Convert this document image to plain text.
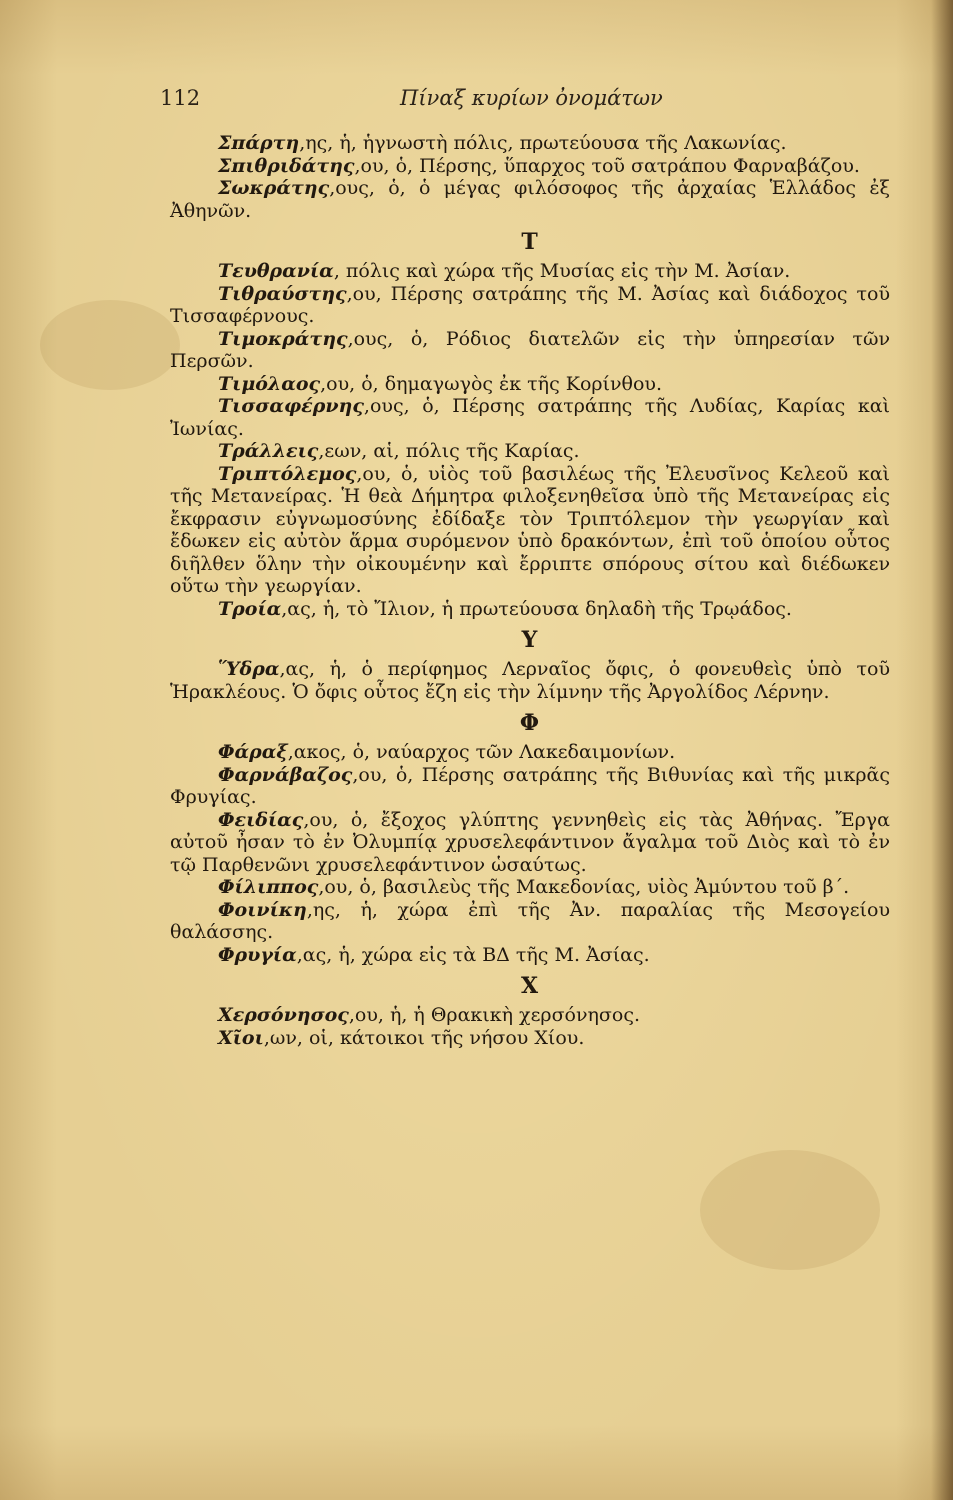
112	Πίναξ κυρίων ὀνομάτων

Σπάρτη,ης, ἡ, ἡγνωστὴ πόλις, πρωτεύουσα τῆς Λακωνίας.

Σπιθριδάτης,ου, ὁ, Πέρσης, ὕπαρχος τοῦ σατράπου Φαρναβάζου.

Σωκράτης,ους, ὁ, ὁ μέγας φιλόσοφος τῆς ἀρχαίας Ἑλλάδος ἐξ Ἀθηνῶν.

Τ

Τευθρανία, πόλις καὶ χώρα τῆς Μυσίας εἰς τὴν Μ. Ἀσίαν.

Τιθραύστης,ου, Πέρσης σατράπης τῆς Μ. Ἀσίας καὶ διάδοχος τοῦ Τισσαφέρνους.

Τιμοκράτης,ους, ὁ, Ρόδιος διατελῶν εἰς τὴν ὑπηρεσίαν τῶν Περσῶν.

Τιμόλαος,ου, ὁ, δημαγωγὸς ἐκ τῆς Κορίνθου.

Τισσαφέρνης,ους, ὁ, Πέρσης σατράπης τῆς Λυδίας, Καρίας καὶ Ἰωνίας.

Τράλλεις,εων, αἱ, πόλις τῆς Καρίας.

Τριπτόλεμος,ου, ὁ, υἱὸς τοῦ βασιλέως τῆς Ἐλευσῖνος Κελεοῦ καὶ τῆς Μετανείρας. Ἡ θεὰ Δήμητρα φιλοξενηθεῖσα ὑπὸ τῆς Μετανείρας εἰς ἔκφρασιν εὐγνωμοσύνης ἐδίδαξε τὸν Τριπτόλεμον τὴν γεωργίαν καὶ ἔδωκεν εἰς αὐτὸν ἅρμα συρόμενον ὑπὸ δρακόντων, ἐπὶ τοῦ ὁποίου οὗτος διῆλθεν ὅλην τὴν οἰκουμένην καὶ ἔρριπτε σπόρους σίτου καὶ διέδωκεν οὕτω τὴν γεωργίαν.

Τροία,ας, ἡ, τὸ Ἴλιον, ἡ πρωτεύουσα δηλαδὴ τῆς Τρῳάδος.

Υ

Ὕδρα,ας, ἡ, ὁ περίφημος Λερναῖος ὄφις, ὁ φονευθεὶς ὑπὸ τοῦ Ἡρακλέους. Ὁ ὄφις οὗτος ἔζη εἰς τὴν λίμνην τῆς Ἀργολίδος Λέρνην.

Φ

Φάραξ,ακος, ὁ, ναύαρχος τῶν Λακεδαιμονίων.

Φαρνάβαζος,ου, ὁ, Πέρσης σατράπης τῆς Βιθυνίας καὶ τῆς μικρᾶς Φρυγίας.

Φειδίας,ου, ὁ, ἔξοχος γλύπτης γεννηθεὶς εἰς τὰς Ἀθήνας. Ἔργα αὐτοῦ ἦσαν τὸ ἐν Ὀλυμπίᾳ χρυσελεφάντινον ἄγαλμα τοῦ Διὸς καὶ τὸ ἐν τῷ Παρθενῶνι χρυσελεφάντινον ὡσαύτως.

Φίλιππος,ου, ὁ, βασιλεὺς τῆς Μακεδονίας, υἱὸς Ἀμύντου τοῦ β΄.

Φοινίκη,ης, ἡ, χώρα ἐπὶ τῆς Ἀν. παραλίας τῆς Μεσογείου θαλάσσης.

Φρυγία,ας, ἡ, χώρα εἰς τὰ ΒΔ τῆς Μ. Ἀσίας.

Χ

Χερσόνησος,ου, ἡ, ἡ Θρακικὴ χερσόνησος.

Χῖοι,ων, οἱ, κάτοικοι τῆς νήσου Χίου.
